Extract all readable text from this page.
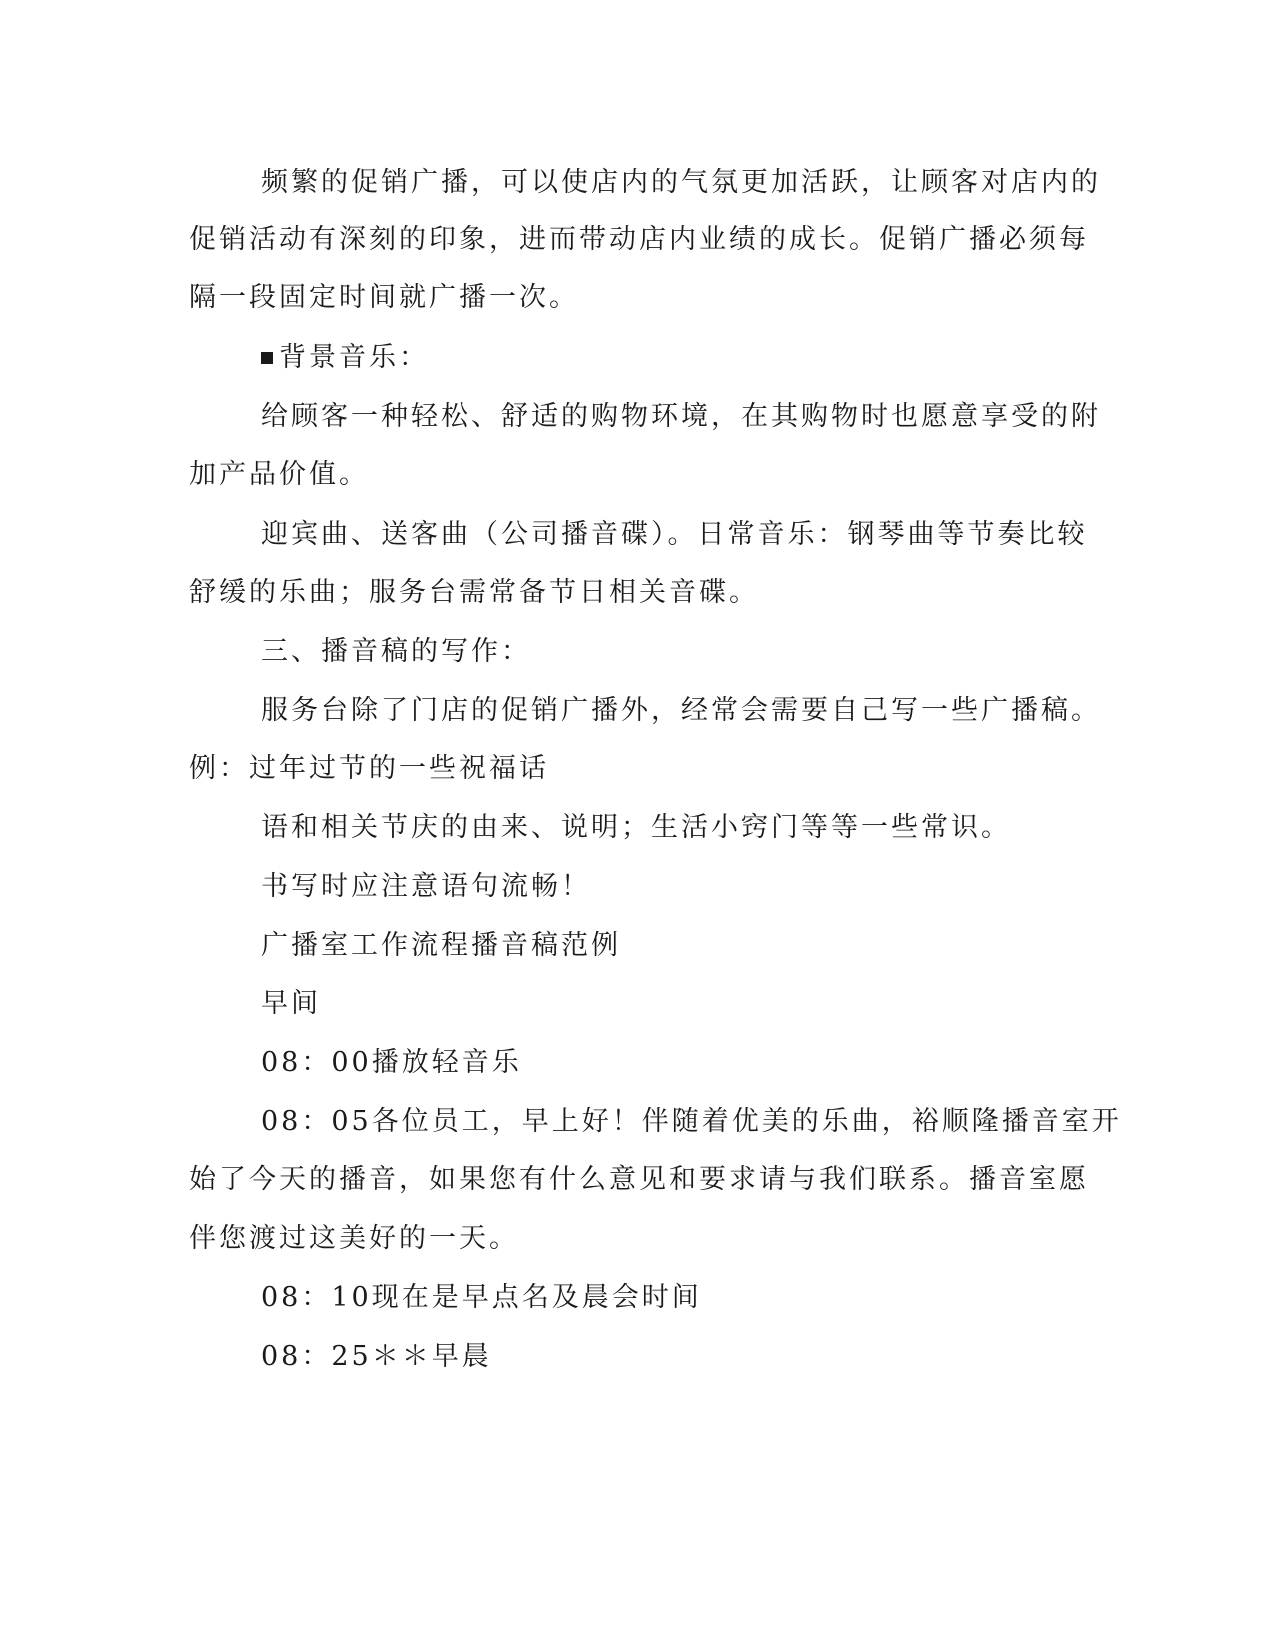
频繁的促销广播，可以使店内的气氛更加活跃，让顾客对店内的

促销活动有深刻的印象，进而带动店内业绩的成长。促销广播必须每

隔一段固定时间就广播一次。

背景音乐：

给顾客一种轻松、舒适的购物环境，在其购物时也愿意享受的附

加产品价值。

迎宾曲、送客曲（公司播音碟）。日常音乐：钢琴曲等节奏比较

舒缓的乐曲；服务台需常备节日相关音碟。

三、播音稿的写作：

服务台除了门店的促销广播外，经常会需要自己写一些广播稿。

例：过年过节的一些祝福话

语和相关节庆的由来、说明；生活小窍门等等一些常识。

书写时应注意语句流畅！

广播室工作流程播音稿范例

早间

08：00播放轻音乐

08：05各位员工，早上好！伴随着优美的乐曲，裕顺隆播音室开

始了今天的播音，如果您有什么意见和要求请与我们联系。播音室愿

伴您渡过这美好的一天。

08：10现在是早点名及晨会时间

08：25＊＊早晨
